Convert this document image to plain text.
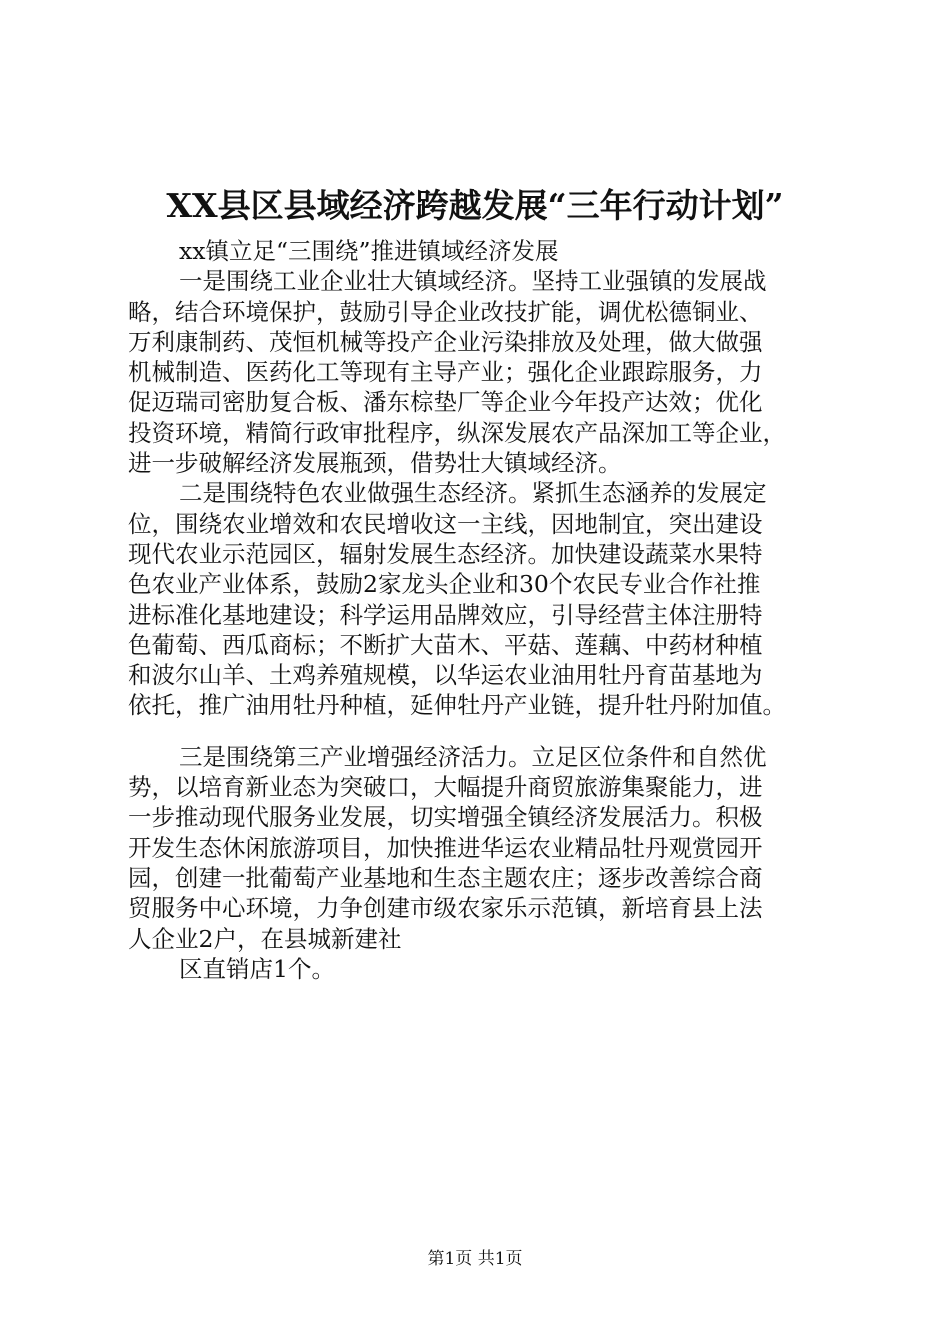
XX县区县域经济跨越发展“三年行动计划”
xx镇立足“三围绕”推进镇域经济发展
一是围绕工业企业壮大镇域经济。坚持工业强镇的发展战
略，结合环境保护，鼓励引导企业改技扩能，调优松德铜业、
万利康制药、茂恒机械等投产企业污染排放及处理，做大做强
机械制造、医药化工等现有主导产业；强化企业跟踪服务，力
促迈瑞司密肋复合板、潘东棕垫厂等企业今年投产达效；优化
投资环境，精简行政审批程序，纵深发展农产品深加工等企业，
进一步破解经济发展瓶颈，借势壮大镇域经济。
二是围绕特色农业做强生态经济。紧抓生态涵养的发展定
位，围绕农业增效和农民增收这一主线，因地制宜，突出建设
现代农业示范园区，辐射发展生态经济。加快建设蔬菜水果特
色农业产业体系，鼓励2家龙头企业和30个农民专业合作社推
进标准化基地建设；科学运用品牌效应，引导经营主体注册特
色葡萄、西瓜商标；不断扩大苗木、平菇、莲藕、中药材种植
和波尔山羊、土鸡养殖规模，以华运农业油用牡丹育苗基地为
依托，推广油用牡丹种植，延伸牡丹产业链，提升牡丹附加值。
三是围绕第三产业增强经济活力。立足区位条件和自然优
势，以培育新业态为突破口，大幅提升商贸旅游集聚能力，进
一步推动现代服务业发展，切实增强全镇经济发展活力。积极
开发生态休闲旅游项目，加快推进华运农业精品牡丹观赏园开
园，创建一批葡萄产业基地和生态主题农庄；逐步改善综合商
贸服务中心环境，力争创建市级农家乐示范镇，新培育县上法
人企业2户，在县城新建社
区直销店1个。
第1页 共1页
